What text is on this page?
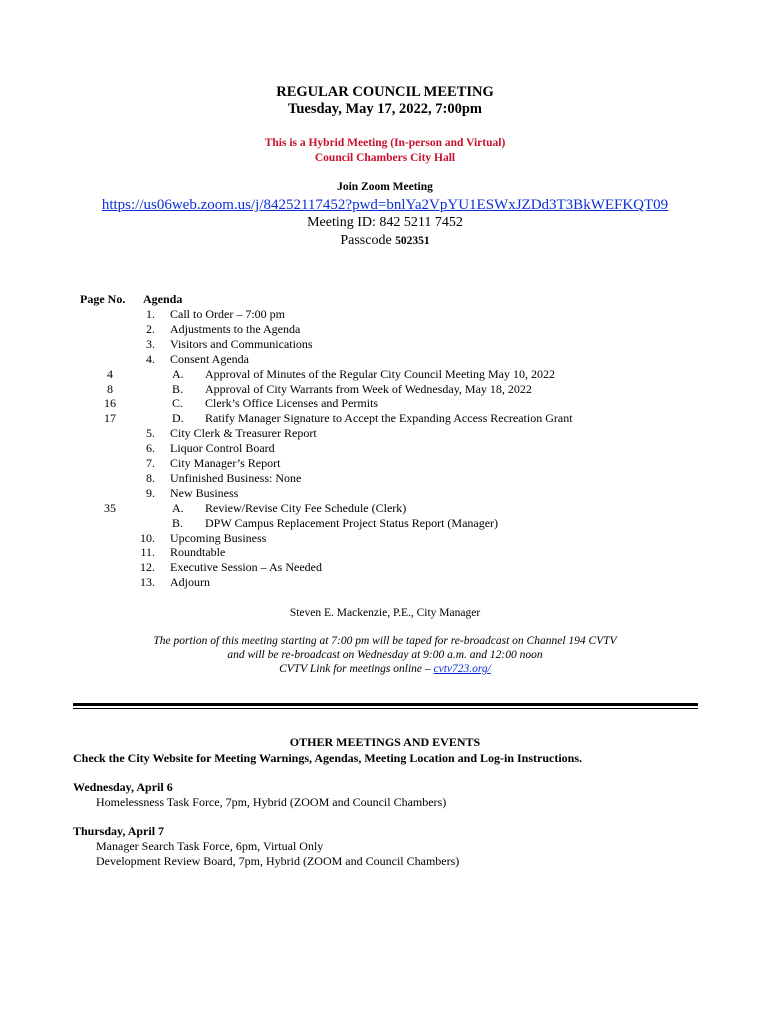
REGULAR COUNCIL MEETING
Tuesday, May 17, 2022, 7:00pm
This is a Hybrid Meeting (In-person and Virtual)
Council Chambers City Hall
Join Zoom Meeting
https://us06web.zoom.us/j/84252117452?pwd=bnlYa2VpYU1ESWxJZDd3T3BkWEFKQT09
Meeting ID: 842 5211 7452
Passcode 502351
Page No. Agenda
1. Call to Order – 7:00 pm
2. Adjustments to the Agenda
3. Visitors and Communications
4. Consent Agenda
4	A. Approval of Minutes of the Regular City Council Meeting May 10, 2022
8	B. Approval of City Warrants from Week of Wednesday, May 18, 2022
16	C. Clerk’s Office Licenses and Permits
17	D. Ratify Manager Signature to Accept the Expanding Access Recreation Grant
5. City Clerk & Treasurer Report
6. Liquor Control Board
7. City Manager’s Report
8. Unfinished Business: None
9. New Business
35	A. Review/Revise City Fee Schedule (Clerk)
B. DPW Campus Replacement Project Status Report (Manager)
10. Upcoming Business
11. Roundtable
12. Executive Session – As Needed
13. Adjourn
Steven E. Mackenzie, P.E., City Manager
The portion of this meeting starting at 7:00 pm will be taped for re-broadcast on Channel 194 CVTV
and will be re-broadcast on Wednesday at 9:00 a.m. and 12:00 noon
CVTV Link for meetings online – cvtv723.org/
OTHER MEETINGS AND EVENTS
Check the City Website for Meeting Warnings, Agendas, Meeting Location and Log-in Instructions.
Wednesday, April 6
Homelessness Task Force, 7pm, Hybrid (ZOOM and Council Chambers)
Thursday, April 7
Manager Search Task Force, 6pm, Virtual Only
Development Review Board, 7pm, Hybrid (ZOOM and Council Chambers)
